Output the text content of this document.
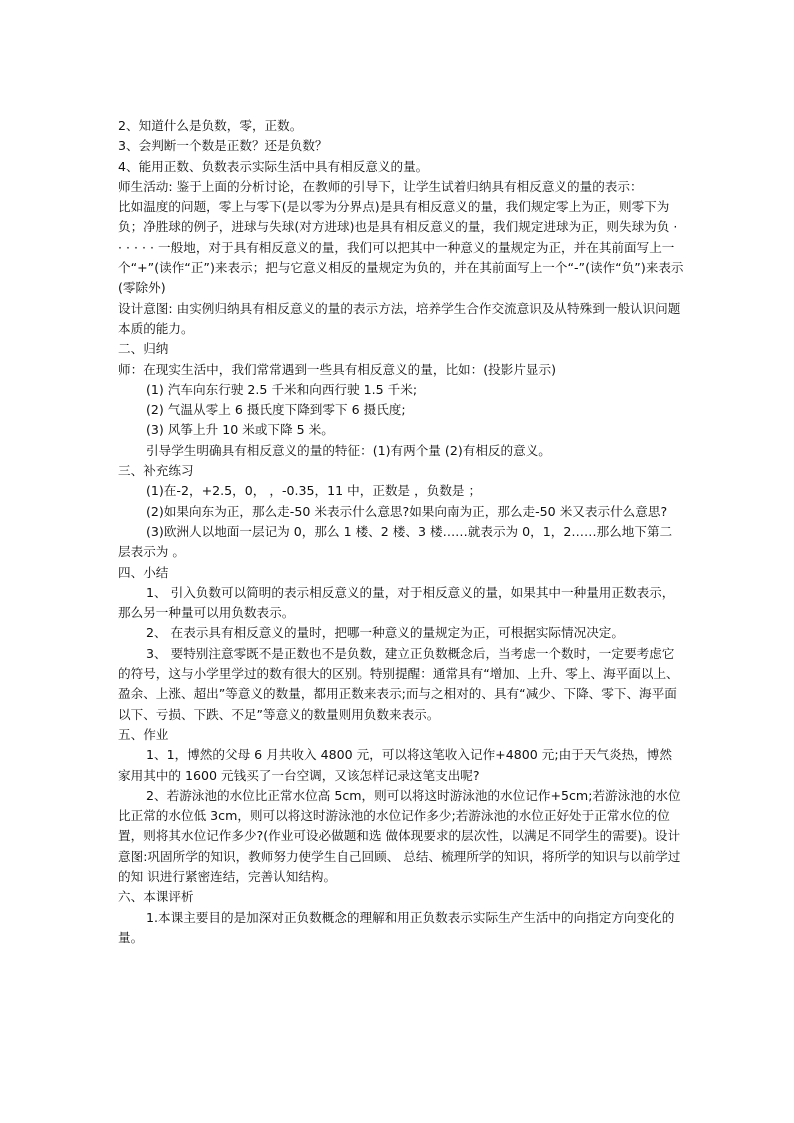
2、知道什么是负数，零，正数。

3、会判断一个数是正数？还是负数？

4、能用正数、负数表示实际生活中具有相反意义的量。

师生活动: 鉴于上面的分析讨论，在教师的引导下，让学生试着归纳具有相反意义的量的表示：

比如温度的问题，零上与零下(是以零为分界点)是具有相反意义的量，我们规定零上为正，则零下为负；净胜球的例子，进球与失球(对方进球)也是具有相反意义的量，我们规定进球为正，则失球为负 · · · · · · 一般地，对于具有相反意义的量，我们可以把其中一种意义的量规定为正，并在其前面写上一个“+”(读作“正”)来表示；把与它意义相反的量规定为负的，并在其前面写上一个“-”(读作“负”)来表示(零除外)

设计意图: 由实例归纳具有相反意义的量的表示方法，培养学生合作交流意识及从特殊到一般认识问题本质的能力。

二、归纳

师：在现实生活中，我们常常遇到一些具有相反意义的量，比如：(投影片显示)

(1) 汽车向东行驶 2.5 千米和向西行驶 1.5 千米;

(2) 气温从零上 6 摄氏度下降到零下 6 摄氏度;

(3) 风筝上升 10 米或下降 5 米。

引导学生明确具有相反意义的量的特征：(1)有两个量 (2)有相反的意义。

三、补充练习

(1)在-2，+2.5，0， ，-0.35，11 中，正数是 ，负数是 ；

(2)如果向东为正，那么走-50 米表示什么意思?如果向南为正，那么走-50 米又表示什么意思?

(3)欧洲人以地面一层记为 0，那么 1 楼、2 楼、3 楼……就表示为 0，1，2……那么地下第二层表示为 。

四、小结

1、 引入负数可以简明的表示相反意义的量，对于相反意义的量，如果其中一种量用正数表示，那么另一种量可以用负数表示。

2、 在表示具有相反意义的量时，把哪一种意义的量规定为正，可根据实际情况决定。

3、 要特别注意零既不是正数也不是负数，建立正负数概念后，当考虑一个数时，一定要考虑它的符号，这与小学里学过的数有很大的区别。特别提醒：通常具有“增加、上升、零上、海平面以上、盈余、上涨、超出”等意义的数量，都用正数来表示;而与之相对的、具有“减少、下降、零下、海平面以下、亏损、下跌、不足”等意义的数量则用负数来表示。

五、作业

1、1，博然的父母 6 月共收入 4800 元，可以将这笔收入记作+4800 元;由于天气炎热，博然家用其中的 1600 元钱买了一台空调，又该怎样记录这笔支出呢?

2、若游泳池的水位比正常水位高 5cm，则可以将这时游泳池的水位记作+5cm;若游泳池的水位比正常的水位低 3cm，则可以将这时游泳池的水位记作多少;若游泳池的水位正好处于正常水位的位置，则将其水位记作多少?(作业可设必做题和选 做体现要求的层次性，以满足不同学生的需要)。设计意图:巩固所学的知识，教师努力使学生自己回顾、 总结、梳理所学的知识，将所学的知识与以前学过的知 识进行紧密连结，完善认知结构。

六、本课评析

1.本课主要目的是加深对正负数概念的理解和用正负数表示实际生产生活中的向指定方向变化的量。
